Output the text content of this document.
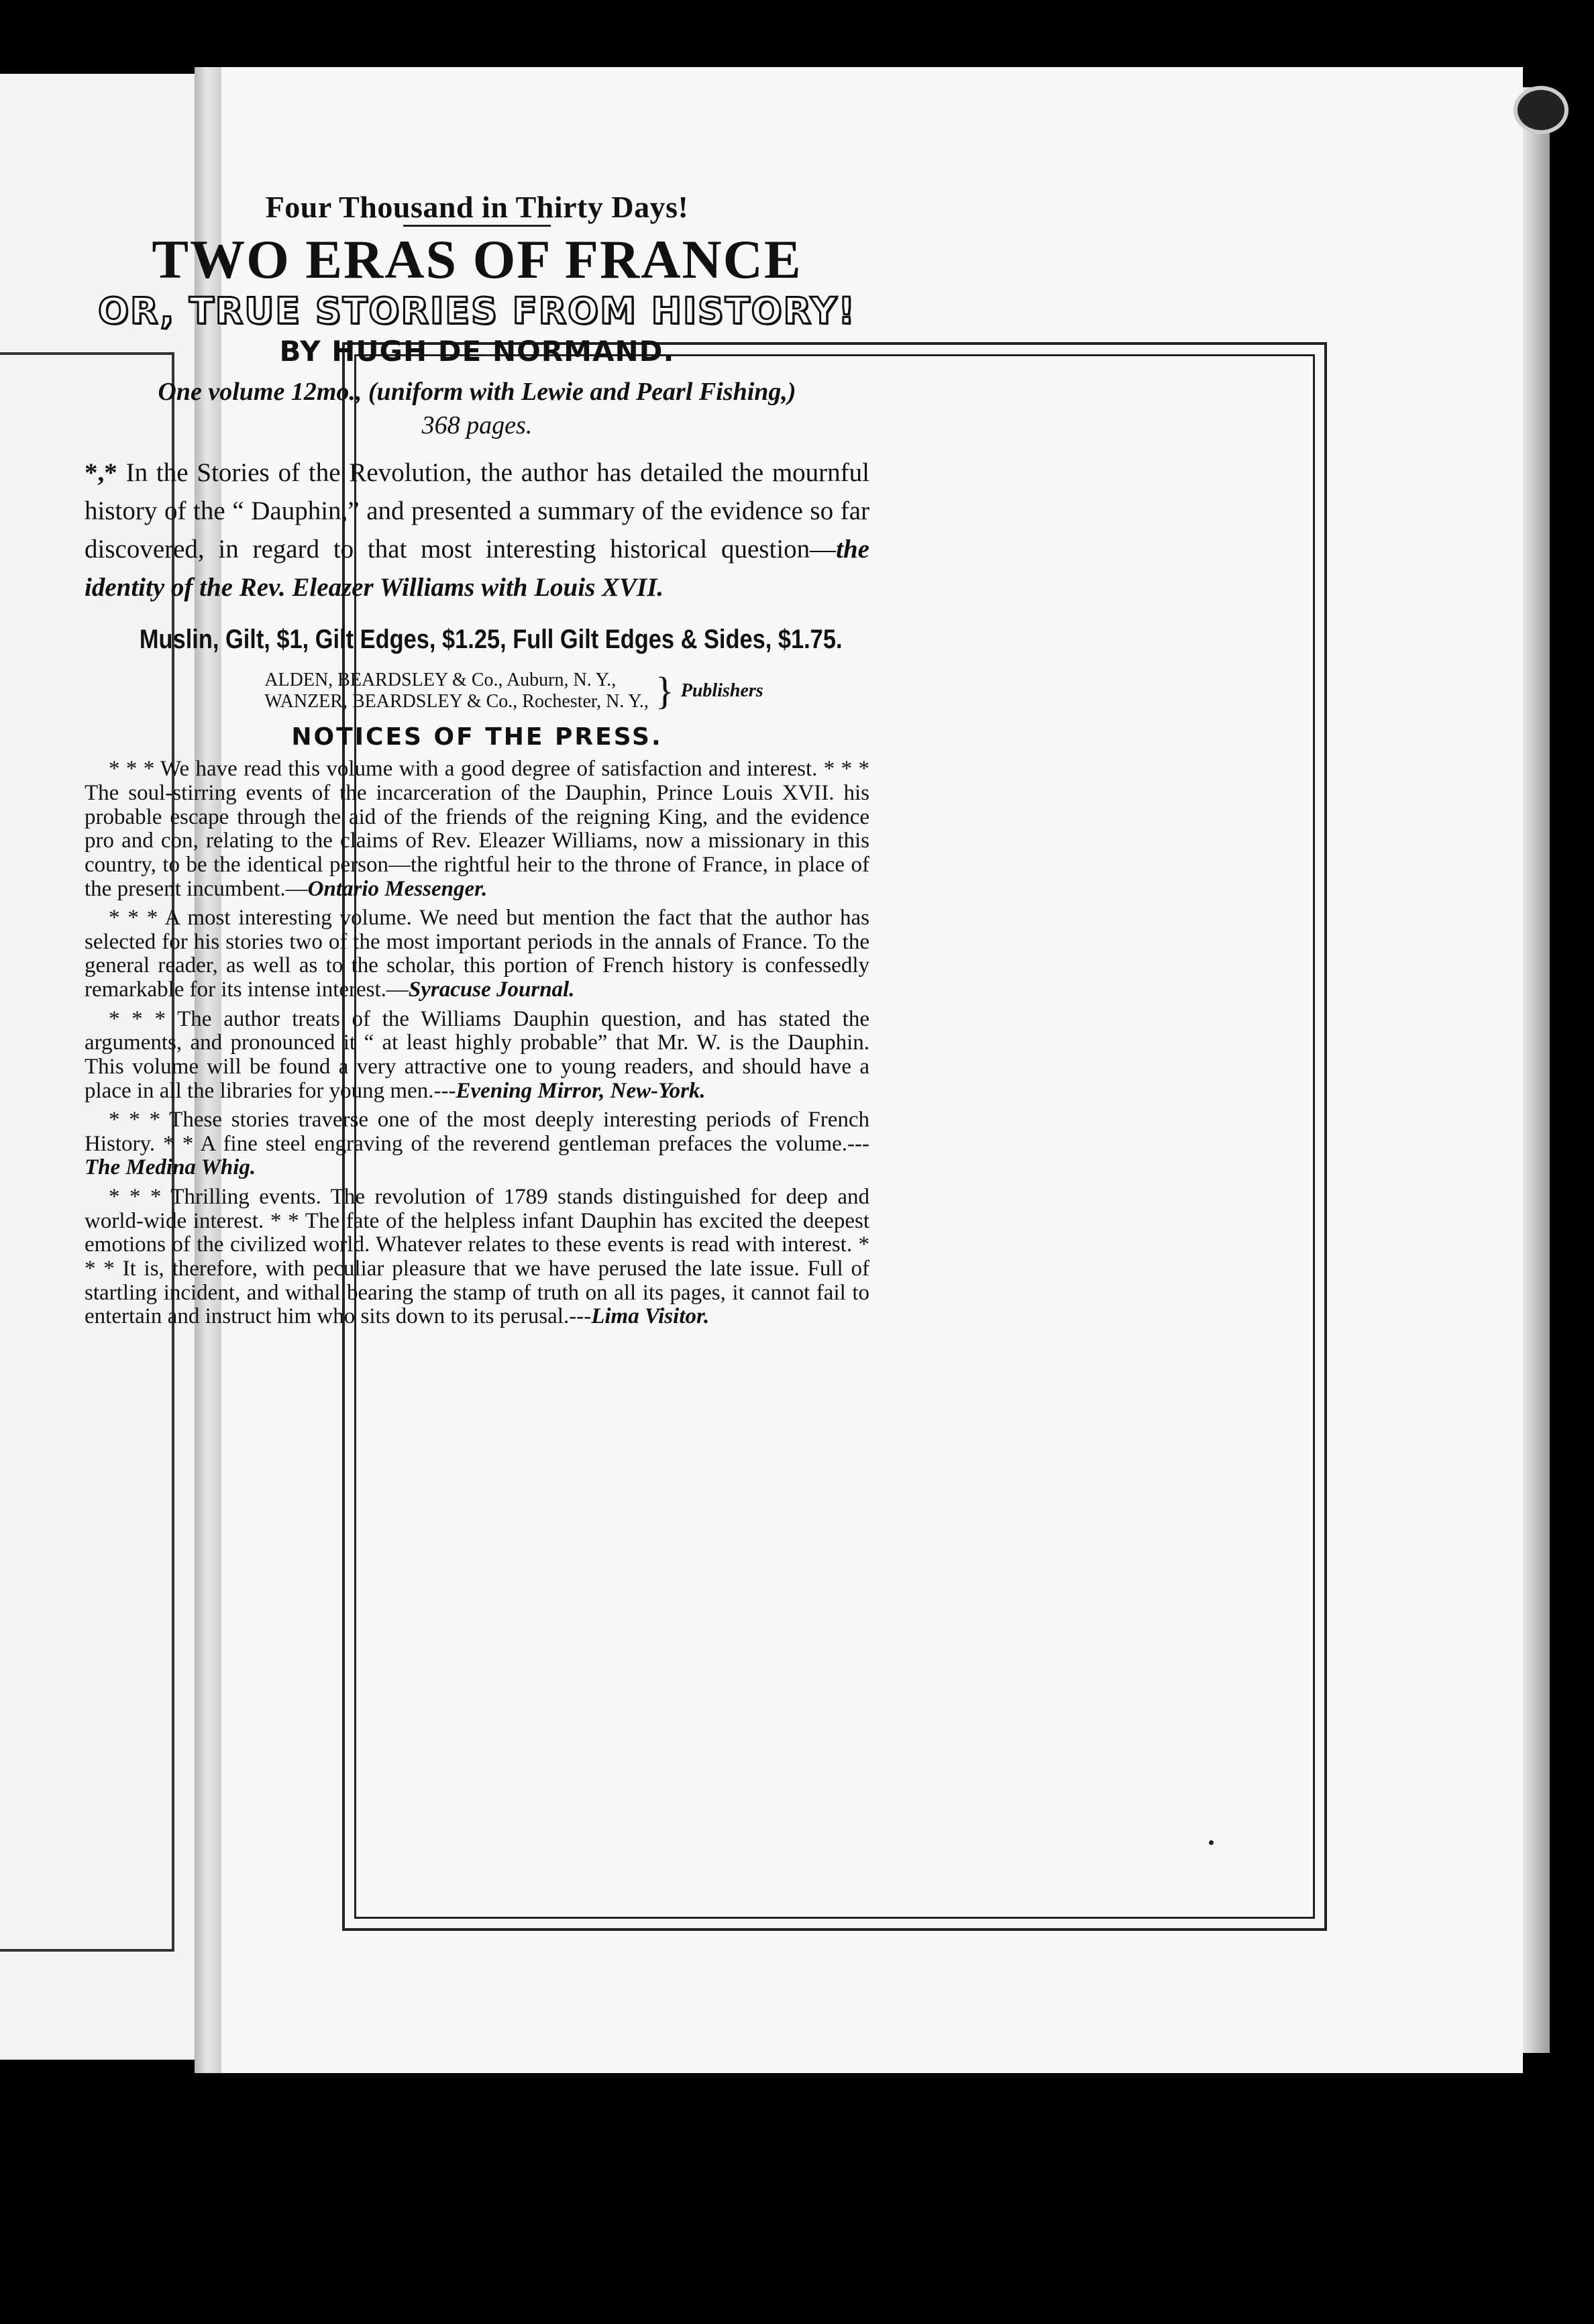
Four Thousand in Thirty Days!

TWO ERAS OF FRANCE

OR, TRUE STORIES FROM HISTORY!

BY HUGH DE NORMAND.

One volume 12mo., (uniform with Lewie and Pearl Fishing,)

368 pages.

*,* In the Stories of the Revolution, the author has detailed the mournful history of the “ Dauphin,” and presented a summary of the evidence so far discovered, in regard to that most interesting historical question—the identity of the Rev. Eleazer Williams with Louis XVII.

Muslin, Gilt, $1, Gilt Edges, $1.25, Full Gilt Edges & Sides, $1.75.

ALDEN, BEARDSLEY & Co., Auburn, N. Y.,
WANZER, BEARDSLEY & Co., Rochester, N. Y., } Publishers
NOTICES OF THE PRESS.

* * * We have read this volume with a good degree of satisfaction and interest. * * * The soul-stirring events of the incarceration of the Dauphin, Prince Louis XVII. his probable escape through the aid of the friends of the reigning King, and the evidence pro and con, relating to the claims of Rev. Eleazer Williams, now a missionary in this country, to be the identical person—the rightful heir to the throne of France, in place of the present incumbent.—Ontario Messenger.

* * * A most interesting volume. We need but mention the fact that the author has selected for his stories two of the most important periods in the annals of France. To the general reader, as well as to the scholar, this portion of French history is confessedly remarkable for its intense interest.—Syracuse Journal.

* * * The author treats of the Williams Dauphin question, and has stated the arguments, and pronounced it “ at least highly probable” that Mr. W. is the Dauphin. This volume will be found a very attractive one to young readers, and should have a place in all the libraries for young men.---Evening Mirror, New-York.

* * * These stories traverse one of the most deeply interesting periods of French History. * * A fine steel engraving of the reverend gentleman prefaces the volume.---The Medina Whig.

* * * Thrilling events. The revolution of 1789 stands distinguished for deep and world-wide interest. * * The fate of the helpless infant Dauphin has excited the deepest emotions of the civilized world. Whatever relates to these events is read with interest. * * * It is, therefore, with peculiar pleasure that we have perused the late issue. Full of startling incident, and withal bearing the stamp of truth on all its pages, it cannot fail to entertain and instruct him who sits down to its perusal.---Lima Visitor.
